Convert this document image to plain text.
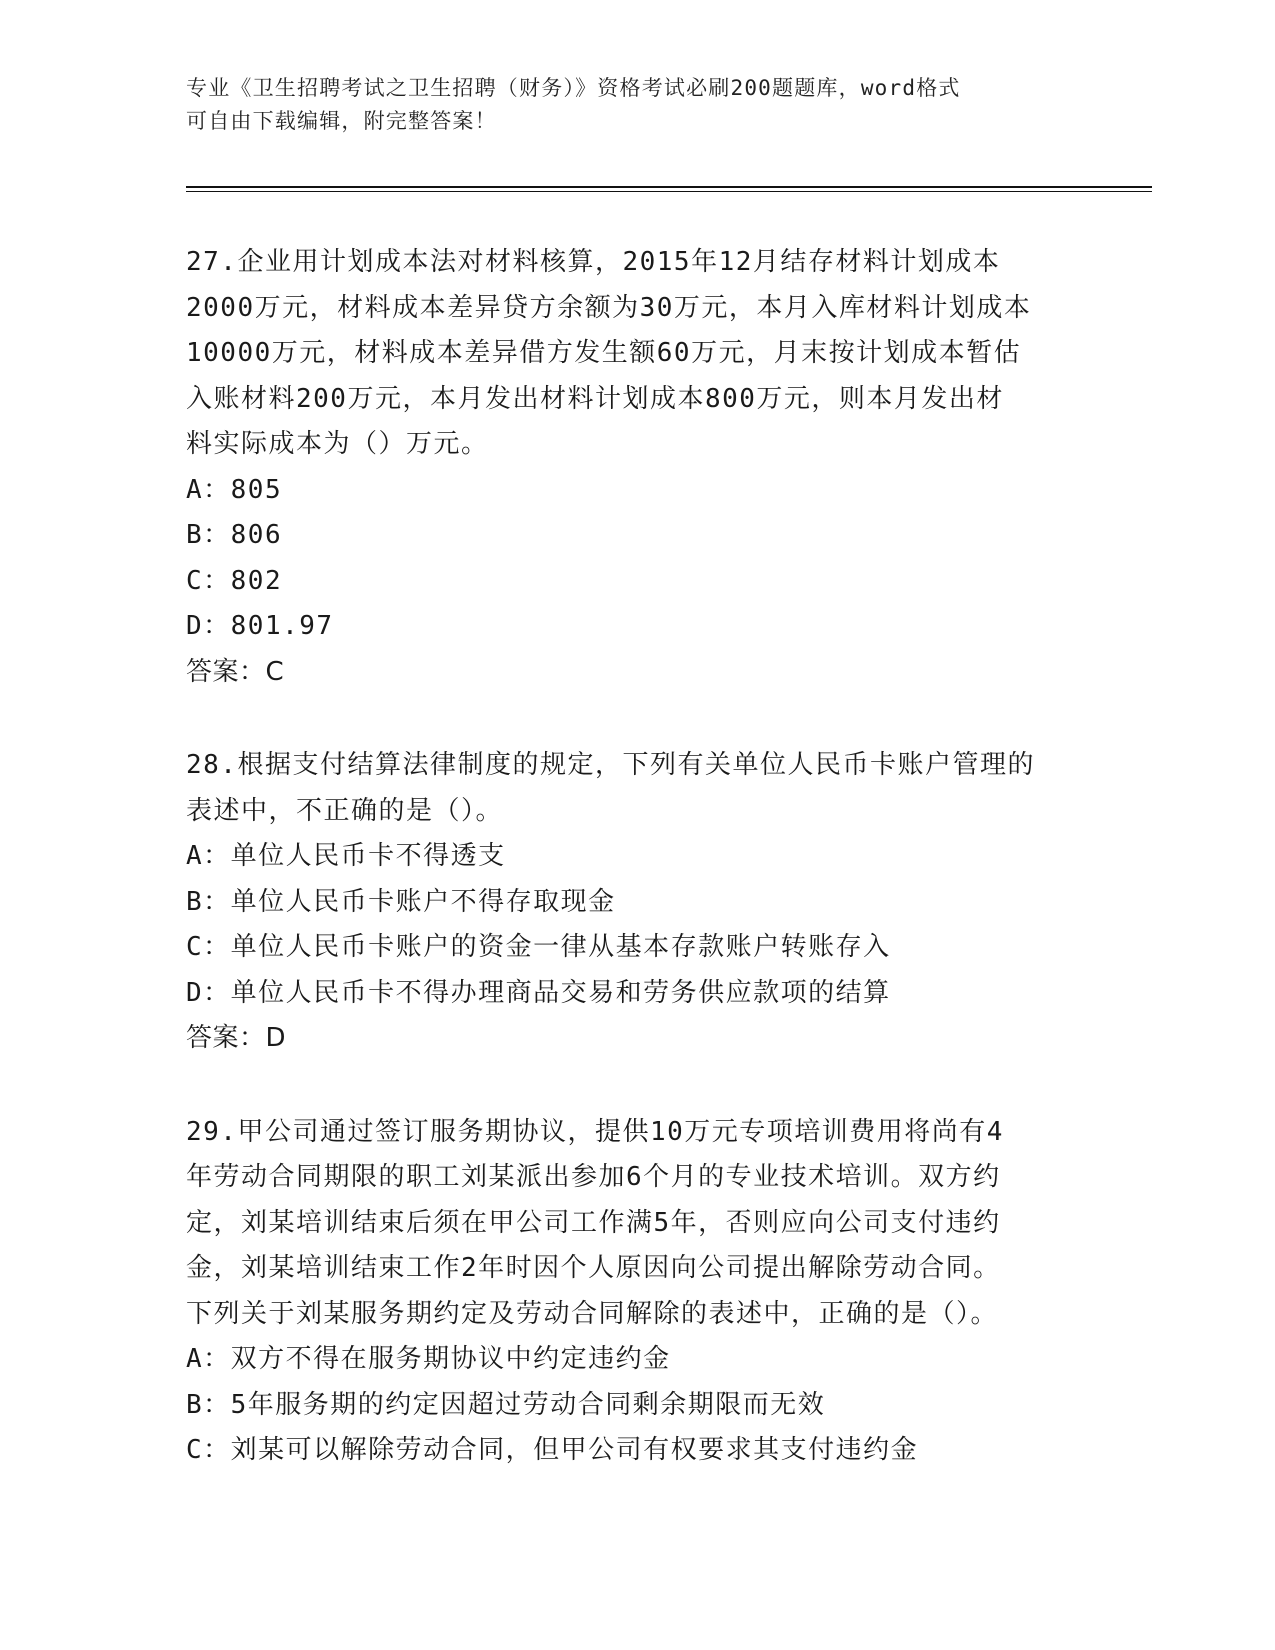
专业《卫生招聘考试之卫生招聘（财务）》资格考试必刷200题题库，word格式
可自由下载编辑，附完整答案！
27.企业用计划成本法对材料核算，2015年12月结存材料计划成本
2000万元，材料成本差异贷方余额为30万元，本月入库材料计划成本
10000万元，材料成本差异借方发生额60万元，月末按计划成本暂估
入账材料200万元，本月发出材料计划成本800万元，则本月发出材
料实际成本为（）万元。
A：805
B：806
C：802
D：801.97
答案：C
28.根据支付结算法律制度的规定，下列有关单位人民币卡账户管理的
表述中，不正确的是（）。
A：单位人民币卡不得透支
B：单位人民币卡账户不得存取现金
C：单位人民币卡账户的资金一律从基本存款账户转账存入
D：单位人民币卡不得办理商品交易和劳务供应款项的结算
答案：D
29.甲公司通过签订服务期协议，提供10万元专项培训费用将尚有4
年劳动合同期限的职工刘某派出参加6个月的专业技术培训。双方约
定，刘某培训结束后须在甲公司工作满5年，否则应向公司支付违约
金，刘某培训结束工作2年时因个人原因向公司提出解除劳动合同。
下列关于刘某服务期约定及劳动合同解除的表述中，正确的是（）。
A：双方不得在服务期协议中约定违约金
B：5年服务期的约定因超过劳动合同剩余期限而无效
C：刘某可以解除劳动合同，但甲公司有权要求其支付违约金
